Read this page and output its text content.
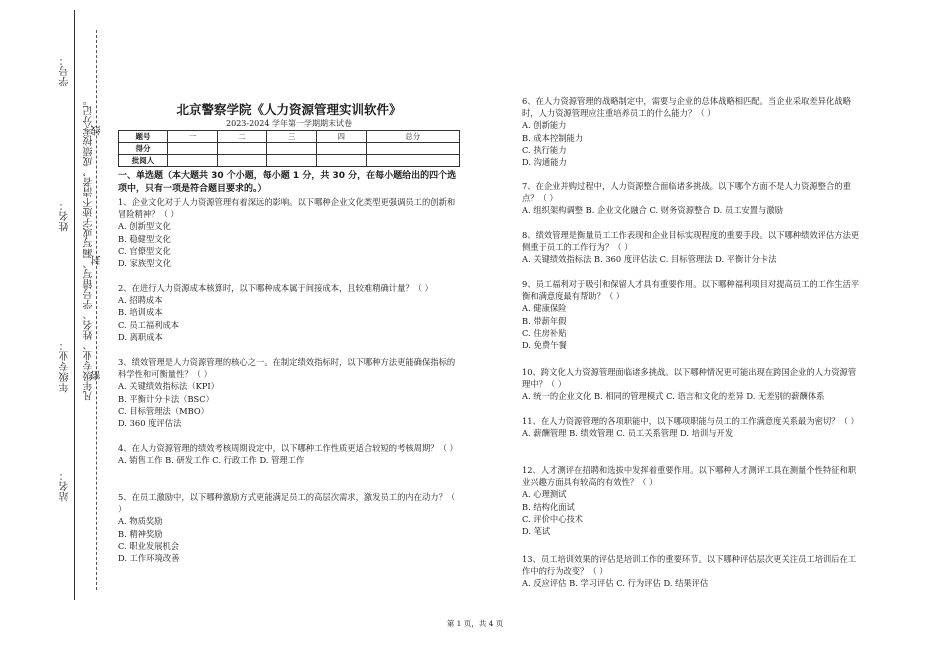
站名：
年级专业：
姓名：
学号：
凡年级专业、姓名、学号错写、漏写或字迹不清者，成绩按零分记。
密
封
线
北京警察学院《人力资源管理实训软件》
2023-2024 学年第一学期期末试卷
题号	一	二	三	四	总分
得分					
批阅人					
一、单选题（本大题共 30 个小题，每小题 1 分，共 30 分，在每小题给出的四个选项中，只有一项是符合题目要求的。）

1、企业文化对于人力资源管理有着深远的影响。以下哪种企业文化类型更强调员工的创新和冒险精神？（ ）

A. 创新型文化

B. 稳健型文化

C. 官僚型文化

D. 家族型文化

2、在进行人力资源成本核算时，以下哪种成本属于间接成本，且较难精确计量？（ ）

A. 招聘成本

B. 培训成本

C. 员工福利成本

D. 离职成本

3、绩效管理是人力资源管理的核心之一。在制定绩效指标时，以下哪种方法更能确保指标的科学性和可衡量性？（ ）

A. 关键绩效指标法（KPI）

B. 平衡计分卡法（BSC）

C. 目标管理法（MBO）

D. 360 度评估法

4、在人力资源管理的绩效考核周期设定中，以下哪种工作性质更适合较短的考核周期？（ ）

A. 销售工作 B. 研发工作 C. 行政工作 D. 管理工作

5、在员工激励中，以下哪种激励方式更能满足员工的高层次需求，激发员工的内在动力？（ ）

A. 物质奖励

B. 精神奖励

C. 职业发展机会

D. 工作环境改善

6、在人力资源管理的战略制定中，需要与企业的总体战略相匹配。当企业采取差异化战略时，人力资源管理应注重培养员工的什么能力？（ ）

A. 创新能力

B. 成本控制能力

C. 执行能力

D. 沟通能力

7、在企业并购过程中，人力资源整合面临诸多挑战。以下哪个方面不是人力资源整合的重点？（ ）

A. 组织架构调整 B. 企业文化融合 C. 财务资源整合 D. 员工安置与激励

8、绩效管理是衡量员工工作表现和企业目标实现程度的重要手段。以下哪种绩效评估方法更侧重于员工的工作行为？（ ）

A. 关键绩效指标法 B. 360 度评估法 C. 目标管理法 D. 平衡计分卡法

9、员工福利对于吸引和保留人才具有重要作用。以下哪种福利项目对提高员工的工作生活平衡和满意度最有帮助？（ ）

A. 健康保险

B. 带薪年假

C. 住房补贴

D. 免费午餐

10、跨文化人力资源管理面临诸多挑战。以下哪种情况更可能出现在跨国企业的人力资源管理中？（ ）

A. 统一的企业文化 B. 相同的管理模式 C. 语言和文化的差异 D. 无差别的薪酬体系

11、在人力资源管理的各项职能中，以下哪项职能与员工的工作满意度关系最为密切？（ ）

A. 薪酬管理 B. 绩效管理 C. 员工关系管理 D. 培训与开发

12、人才测评在招聘和选拔中发挥着重要作用。以下哪种人才测评工具在测量个性特征和职业兴趣方面具有较高的有效性？（ ）

A. 心理测试

B. 结构化面试

C. 评价中心技术

D. 笔试

13、员工培训效果的评估是培训工作的重要环节。以下哪种评估层次更关注员工培训后在工作中的行为改变？（ ）

A. 反应评估 B. 学习评估 C. 行为评估 D. 结果评估

第 1 页，共 4 页
